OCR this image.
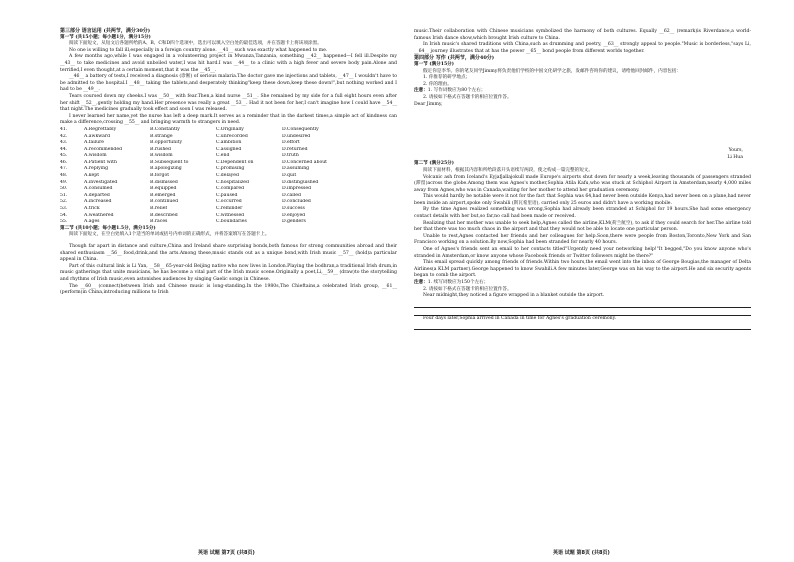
第三部分 语言运用 (共两节，满分30分)
第一节 (共15小题；每小题1分，满分15分)

阅读下面短文，从短文后各题所给的A、B、C和D四个选项中，选出可以填入空白处的最佳选项，并在答题卡上将该项涂黑。

No one is willing to fall ill,especially in a foreign country alone. __41__ such was exactly what happened to me.

A few months ago,while I was engaged in a volunteering project in Mwanza,Tanzania, something __42__ happened—I fell ill.Despite my __43__ to take medicines and avoid unboiled water,I was hit hard.I was __44__ to a clinic with a high fever and severe body pain.Alone and terrified,I even thought,at a certain moment,that it was the __45__.

__46__ a battery of tests,I received a diagnosis (诊断) of serious malaria.The doctor gave me injections and tablets, __47__ I wouldn't have to be admitted to the hospital.I __48__ taking the tablets,and desperately thinking"keep these down,keep these down!",but nothing worked and I had to be __49__.

Tears coursed down my cheeks.I was __50__ with fear.Then,a kind nurse __51__. She remained by my side for a full eight hours even after her shift __52__,gently holding my hand.Her presence was really a great __53__. Had it not been for her,I can't imagine how I could have __54__ that night.The medicines gradually took effect and soon I was released.

I never learned her name,yet the nurse has left a deep mark.It serves as a reminder that in the darkest times,a simple act of kindness can make a difference,crossing __55__ and bringing warmth to strangers in need.

41.	A.Regrettably	B.Constantly	C.Originally	D.Consequently
42.	A.awkward	B.strange	C.unrecorded	D.undesired
43.	A.failure	B.opportunity	C.ambition	D.effort
44.	A.recommended	B.rushed	C.assigned	D.returned
45.	A.wisdom	B.wisdom	C.end	D.truth
46.	A.Patient with	B.Subsequent to	C.Dependent on	D.Concerned about
47.	A.replying	B.apologizing	C.promising	D.assuming
48.	A.kept	B.forgot	C.delayed	D.quit
49.	A.investigated	B.dismissed	C.hospitalized	D.distinguished
50.	A.consumed	B.equipped	C.compared	D.impressed
51.	A.departed	B.emerged	C.paused	D.called
52.	A.increased	B.continued	C.occurred	D.concluded
53.	A.trick	B.relief	C.reminder	D.success
54.	A.weathered	B.described	C.witnessed	D.enjoyed
55.	A.ages	B.races	C.boundaries	D.genders
第二节 (共10小题；每小题1.5分，满分15分)

阅读下面短文，在空白处填入1个适当的单词或括号内单词的正确形式，并将答案填写在答题卡上。

Though far apart in distance and culture,China and Ireland share surprising bonds,both famous for strong communities abroad and their shared enthusiasm __56__ food,drink,and the arts.Among these,music stands out as a unique bond,with Irish music __57__ (hold)a particular appeal in China.

Part of this cultural link is Li Yan, __58__ 65-year-old Beijing native who now lives in London.Playing the bodhran,a traditional Irish drum,in music gatherings that unite musicians, he has become a vital part of the Irish music scene.Originally a poet,Li,__59__ (draw)to the storytelling and rhythms of Irish music,even astonishes audiences by singing Gaelic songs in Chinese.

The __60__ (connect)between Irish and Chinese music is long-standing.In the 1980s,The Chieftains,a celebrated Irish group, __61__ (perform)in China,introducing millions to Irish

music.Their collaboration with Chinese musicians symbolized the harmony of both cultures. Equally __62__ (remark)is Riverdance,a world-famous Irish dance show,which brought Irish culture to China.

In Irish music's shared traditions with China,such as drumming and poetry, __63__ strongly appeal to people."Music is borderless,"says Li, __64__ journey illustrates that at has the power __65__ bond people from different worlds together.

第四部分 写作 (共两节，满分40分)
第一节 (满分15分)

假定你是李华。你的笔友同学Jimmy将负责他们学校的中国文化研学之旅，发邮件咨询你的建议，请给他回封邮件，内容包括：

1. 你推荐的研学地点；
2. 你的理由。
注意：1. 写作词数应为80个左右；
2. 请按如下格式在答题卡的相应位置作答。
Dear Jimmy,
Yours,
Li Hua
第二节 (满分25分)

阅读下面材料，根据其内容和所给段落开头语续写两段，使之构成一篇完整的短文。

Volcanic ash from Iceland's Eyjafjallajokull made Europe's airports shut down for nearly a week,leaving thousands of passengers stranded (滞留)across the globe.Among them was Agnes's mother,Sophia Atila Kafu,who was stuck at Schiphol Airport in Amsterdam,nearly 4,000 miles away from Agnes,who was in Canada,waiting for her mother to attend her graduation ceremony.

This would hardly be notable were it not for the fact that Sophia was 64,had never been outside Kenya,had never been on a plane,had never been inside an airport,spoke only Swahili (斯瓦希里语), carried only 25 euros and didn't have a working mobile.

By the time Agnes realized something was wrong,Sophia had already been stranded at Schiphol for 19 hours.She had some emergency contact details with her but,so far,no call had been made or received.

Realizing that her mother was unable to seek help,Agnes called the airline,KLM(荷兰航空), to ask if they could search for her.The airline told her that there was too much chaos in the airport and that they would not be able to locate one particular person.

Unable to rest,Agnes contacted her friends and her colleagues for help.Soon,there were people from Boston,Toronto,New York and San Francisco working on a solution.By now,Sophia had been stranded for nearly 40 hours.

One of Agnes's friends sent an email to her contacts titled"Urgently need your networking help!"It begged,"Do you know anyone who's stranded in Amsterdam,or know anyone whose Facebook friends or Twitter followers might be there?"

This email spread quickly among friends of friends.Within two hours,the email went into the inbox of George Bougias,the manager of Delta Airlines(a KLM partner).George happened to know Swahili.A few minutes later,George was on his way to the airport.He and six security agents began to comb the airport.

注意：1. 续写词数应为150个左右；
2. 请按如下格式在答题卡的相应位置作答。
Near midnight,they noticed a figure wrapped in a blanket outside the airport.
Four days later,Sophia arrived in Canada in time for Agnes's graduation ceremony.
英语 试题 第7页 (共8页)	英语 试题 第8页 (共8页)
